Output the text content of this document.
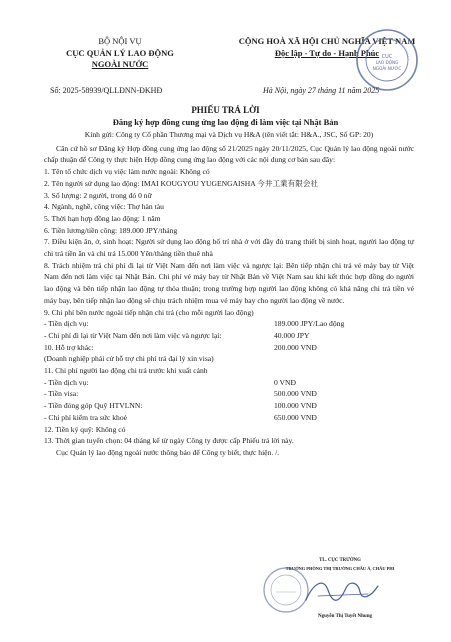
BỘ NỘI VỤ
CỤC QUẢN LÝ LAO ĐỘNG
NGOÀI NƯỚC
CỘNG HOÀ XÃ HỘI CHỦ NGHĨA VIỆT NAM
Độc lập - Tự do - Hạnh Phúc CỤC
LAO ĐỘNG
NGOÀI NƯỚC
Số: 2025-58939/QLLĐNN-ĐKHĐ	Hà Nội, ngày 27 tháng 11 năm 2025
PHIẾU TRẢ LỜI
Đăng ký hợp đồng cung ứng lao động đi làm việc tại Nhật Bản

Kính gửi: Công ty Cổ phần Thương mại và Dịch vụ H&A (tên viết tắt: H&A., JSC, Số GP: 20)

Căn cứ hồ sơ Đăng ký Hợp đồng cung ứng lao động số 21/2025 ngày 20/11/2025, Cục Quản lý lao động ngoài nước chấp thuận để Công ty thực hiện Hợp đồng cung ứng lao động với các nội dung cơ bản sau đây:

1. Tên tổ chức dịch vụ việc làm nước ngoài: Không có

2. Tên người sử dụng lao động: IMAI KOUGYOU YUGENGAISHA 今井工業有限会社

3. Số lượng: 2 người, trong đó 0 nữ

4. Ngành, nghề, công việc: Thợ hàn tàu

5. Thời hạn hợp đồng lao động: 1 năm

6. Tiền lương/tiền công: 189.000 JPY/tháng

7. Điều kiện ăn, ở, sinh hoạt: Người sử dụng lao động bố trí nhà ở với đầy đủ trang thiết bị sinh hoạt, người lao động tự chi trả tiền ăn và chi trả 15.000 Yên/tháng tiền thuê nhà

8. Trách nhiệm trả chi phí đi lại từ Việt Nam đến nơi làm việc và ngược lại: Bên tiếp nhận chi trả vé máy bay từ Việt Nam đến nơi làm việc tại Nhật Bản. Chi phí vé máy bay từ Nhật Bản về Việt Nam sau khi kết thúc hợp đồng do người lao động và bên tiếp nhận lao động tự thỏa thuận; trong trường hợp người lao động không có khả năng chi trả tiền vé máy bay, bên tiếp nhận lao động sẽ chịu trách nhiệm mua vé máy bay cho người lao động về nước.

9. Chi phí bên nước ngoài tiếp nhận chi trả (cho mỗi người lao động)

- Tiền dịch vụ:	189.000 JPY/Lao động
- Chi phí đi lại từ Việt Nam đến nơi làm việc và ngược lại:	40.000 JPY
10. Hỗ trợ khác:	200.000 VNĐ

(Doanh nghiệp phải cử hỗ trợ chi phí trả đại lý xin visa)

11. Chi phí người lao động chi trả trước khi xuất cảnh

- Tiền dịch vụ:	0 VNĐ
- Tiền visa:	500.000 VNĐ
- Tiền đóng góp Quỹ HTVLNN:	100.000 VNĐ
- Chi phí kiểm tra sức khoẻ	650.000 VNĐ

12. Tiền ký quỹ: Không có

13. Thời gian tuyển chọn: 04 tháng kể từ ngày Công ty được cấp Phiếu trả lời này.

Cục Quản lý lao động ngoài nước thông báo để Công ty biết, thực hiện. /.

TL. CỤC TRƯỞNG
TRƯỞNG PHÒNG THỊ TRƯỜNG CHÂU Á, CHÂU PHI
Nguyễn Thị Tuyết Nhung
